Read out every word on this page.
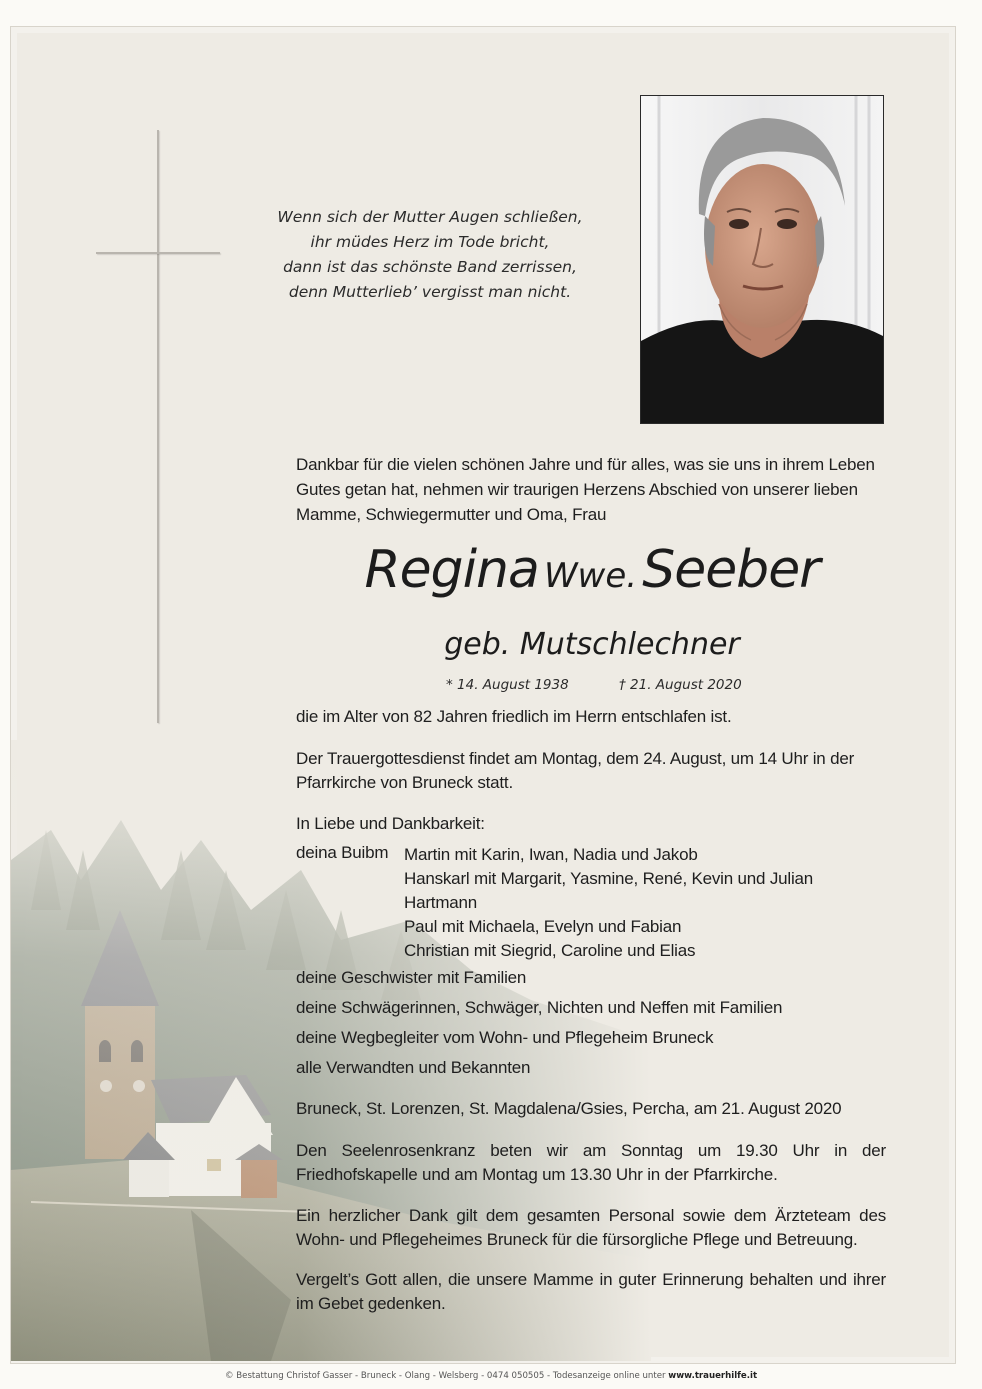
Wenn sich der Mutter Augen schließen,
ihr müdes Herz im Tode bricht,
dann ist das schönste Band zerrissen,
denn Mutterlieb’ vergisst man nicht.
Dankbar für die vielen schönen Jahre und für alles, was sie uns in ihrem Leben
Gutes getan hat, nehmen wir traurigen Herzens Abschied von unserer lieben
Mamme, Schwiegermutter und Oma, Frau
Regina Wwe. Seeber
geb. Mutschlechner
* 14. August 1938	† 21. August 2020
die im Alter von 82 Jahren friedlich im Herrn entschlafen ist.
Der Trauergottesdienst findet am Montag, dem 24. August, um 14 Uhr in der
Pfarrkirche von Bruneck statt.
In Liebe und Dankbarkeit:
deina Buibm Martin mit Karin, Iwan, Nadia und Jakob
Hanskarl mit Margarit, Yasmine, René, Kevin und Julian
Hartmann
Paul mit Michaela, Evelyn und Fabian
Christian mit Siegrid, Caroline und Elias
deine Geschwister mit Familien
deine Schwägerinnen, Schwäger, Nichten und Neffen mit Familien
deine Wegbegleiter vom Wohn- und Pflegeheim Bruneck
alle Verwandten und Bekannten
Bruneck, St. Lorenzen, St. Magdalena/Gsies, Percha, am 21. August 2020
Den Seelenrosenkranz beten wir am Sonntag um 19.30 Uhr in der
Friedhofskapelle und am Montag um 13.30 Uhr in der Pfarrkirche.
Ein herzlicher Dank gilt dem gesamten Personal sowie dem Ärzteteam des
Wohn- und Pflegeheimes Bruneck für die fürsorgliche Pflege und Betreuung.
Vergelt’s Gott allen, die unsere Mamme in guter Erinnerung behalten und ihrer
im Gebet gedenken.
© Bestattung Christof Gasser - Bruneck - Olang - Welsberg - 0474 050505 - Todesanzeige online unter www.trauerhilfe.it
